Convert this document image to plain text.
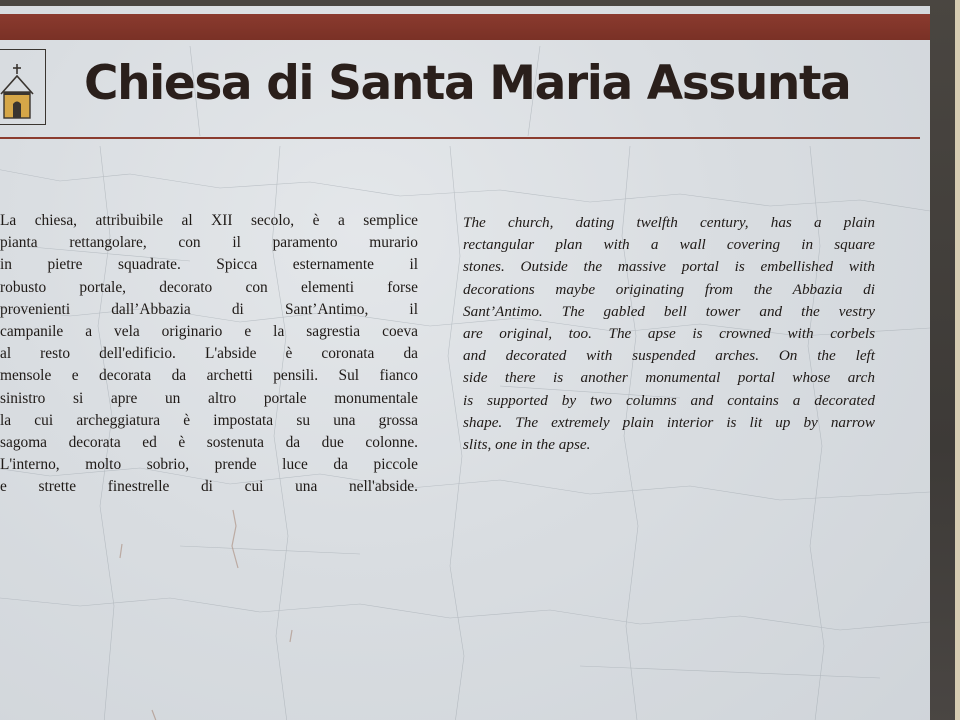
Chiesa di Santa Maria Assunta
La chiesa, attribuibile al XII secolo, è a semplice
pianta rettangolare, con il paramento murario
in pietre squadrate. Spicca esternamente il
robusto portale, decorato con elementi forse
provenienti dall’Abbazia di Sant’Antimo, il
campanile a vela originario e la sagrestia coeva
al resto dell'edificio. L'abside è coronata da
mensole e decorata da archetti pensili. Sul fianco
sinistro si apre un altro portale monumentale
la cui archeggiatura è impostata su una grossa
sagoma decorata ed è sostenuta da due colonne.
L'interno, molto sobrio, prende luce da piccole
e strette finestrelle di cui una nell'abside.
The church, dating twelfth century, has a plain
rectangular plan with a wall covering in square
stones. Outside the massive portal is embellished with
decorations maybe originating from the Abbazia di
Sant’Antimo. The gabled bell tower and the vestry
are original, too. The apse is crowned with corbels
and decorated with suspended arches. On the left
side there is another monumental portal whose arch
is supported by two columns and contains a decorated
shape. The extremely plain interior is lit up by narrow
slits, one in the apse.
